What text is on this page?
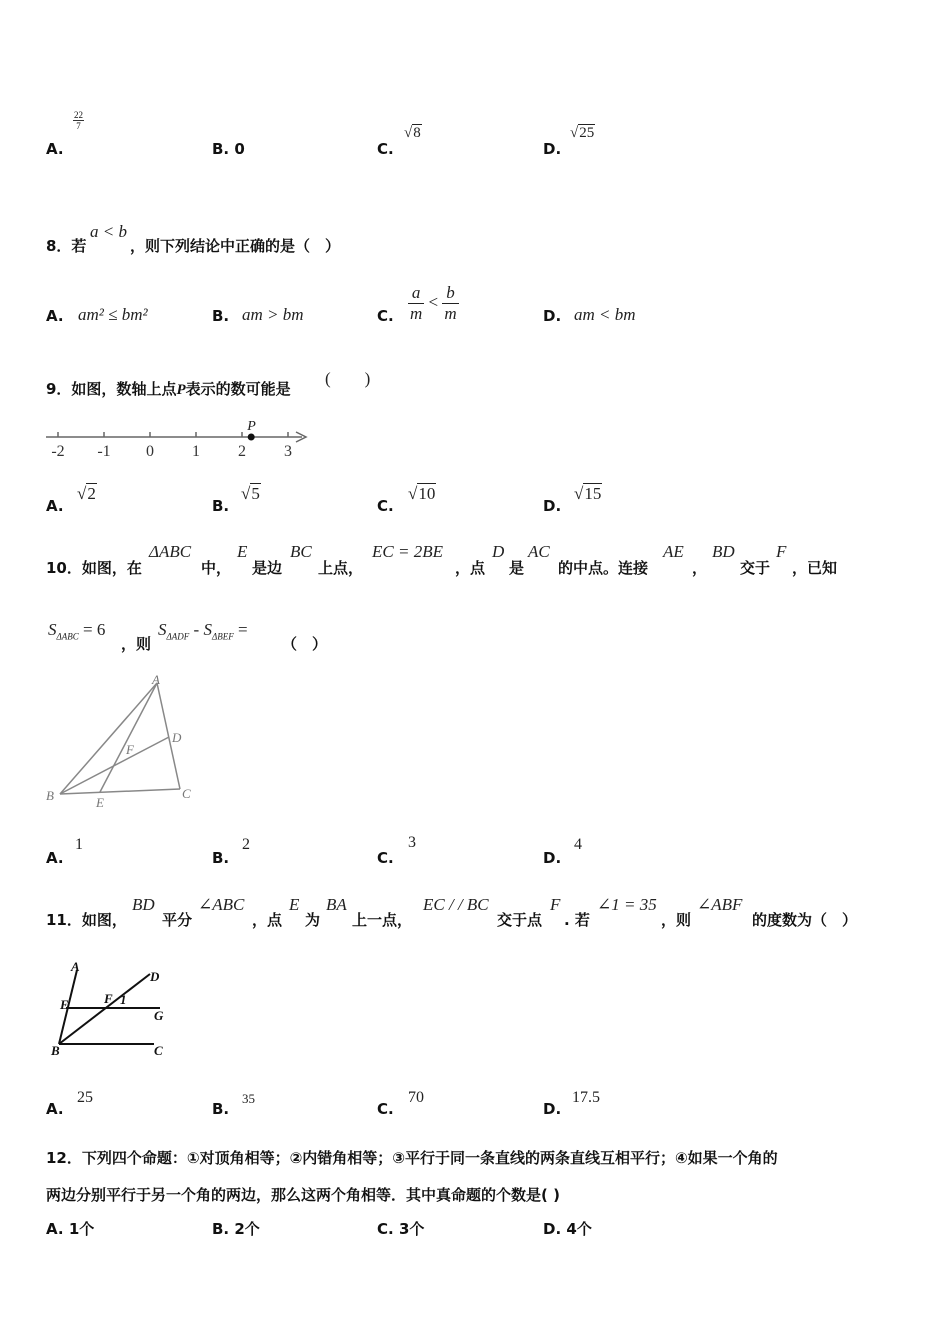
A.
$\frac{22}{7}$
B. 0	C.
√8
D.
√25
8．若
a < b
，则下列结论中正确的是（　）
A. am² ≤ bm²	B. am > bm	C. $\frac{a}{m} < \frac{b}{m}$	D. am < bm
9．如图，数轴上点P表示的数可能是
(　　)
-2 -1 0 1 2 3
P
A.
√2
B.
√5
C.
√10
D.
√15
10．如图，在
ΔABC
中，
E
是边
BC
上点，
EC = 2BE
，点
D
是
AC
的中点。连接
AE
，
BD
交于
F
，已知
$S_{\Delta ABC} = 6$
，则
$S_{\Delta ADF} - S_{\Delta BEF}$ =
（　）
A
B	C
D
E
F
A.
1
B.
2
C.
3
D.
4
11．如图，
BD
平分
∠ABC
，点
E
为
BA
上一点，
EC / / BC
交于点
F
. 若
∠1 = 35
，则
∠ABF
的度数为（　）
A
D
E	F 1
G
B	C
A.
25
B.
35
C.
70
D.
17.5
12．下列四个命题：①对顶角相等；②内错角相等；③平行于同一条直线的两条直线互相平行；④如果一个角的
两边分别平行于另一个角的两边，那么这两个角相等．其中真命题的个数是( )
A. 1个	B. 2个	C. 3个	D. 4个
